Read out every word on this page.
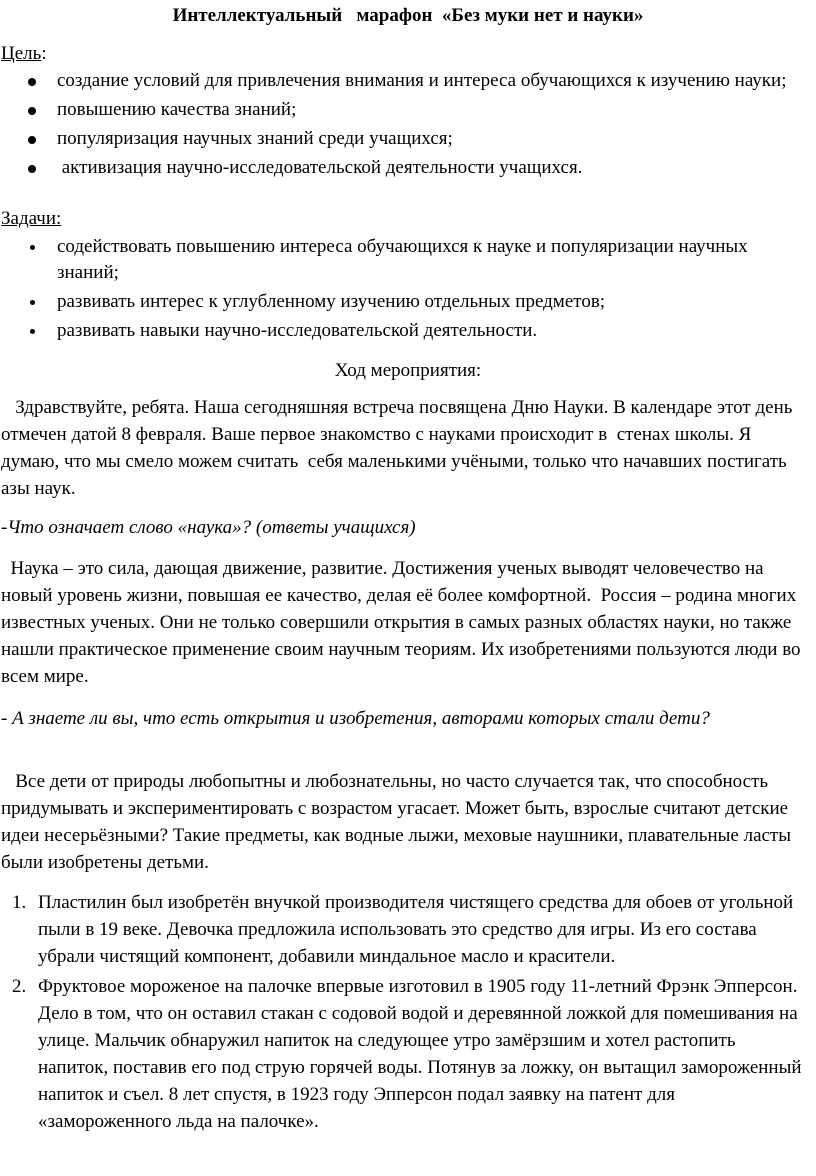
Интеллектуальный   марафон  «Без муки нет и науки»
Цель:
создание условий для привлечения внимания и интереса обучающихся к изучению науки;
повышению качества знаний;
популяризация научных знаний среди учащихся;
активизация научно-исследовательской деятельности учащихся.
Задачи:
содействовать повышению интереса обучающихся к науке и популяризации научных знаний;
развивать интерес к углубленному изучению отдельных предметов;
развивать навыки научно-исследовательской деятельности.
Ход мероприятия:

Здравствуйте, ребята. Наша сегодняшняя встреча посвящена Дню Науки. В календаре этот день отмечен датой 8 февраля. Ваше первое знакомство с науками происходит в  стенах школы. Я думаю, что мы смело можем считать  себя маленькими учёными, только что начавших постигать азы наук.

-Что означает слово «наука»? (ответы учащихся)

Наука – это сила, дающая движение, развитие. Достижения ученых выводят человечество на новый уровень жизни, повышая ее качество, делая её более комфортной.  Россия – родина многих известных ученых. Они не только совершили открытия в самых разных областях науки, но также нашли практическое применение своим научным теориям. Их изобретениями пользуются люди во всем мире.

- А знаете ли вы, что есть открытия и изобретения, авторами которых стали дети?

Все дети от природы любопытны и любознательны, но часто случается так, что способность придумывать и экспериментировать с возрастом угасает. Может быть, взрослые считают детские идеи несерьёзными? Такие предметы, как водные лыжи, меховые наушники, плавательные ласты были изобретены детьми.

1. Пластилин был изобретён внучкой производителя чистящего средства для обоев от угольной пыли в 19 веке. Девочка предложила использовать это средство для игры. Из его состава убрали чистящий компонент, добавили миндальное масло и красители.
2. Фруктовое мороженое на палочке впервые изготовил в 1905 году 11-летний Фрэнк Эпперсон. Дело в том, что он оставил стакан с содовой водой и деревянной ложкой для помешивания на улице. Мальчик обнаружил напиток на следующее утро замёрзшим и хотел растопить напиток, поставив его под струю горячей воды. Потянув за ложку, он вытащил замороженный напиток и съел. 8 лет спустя, в 1923 году Эпперсон подал заявку на патент для «замороженного льда на палочке».
